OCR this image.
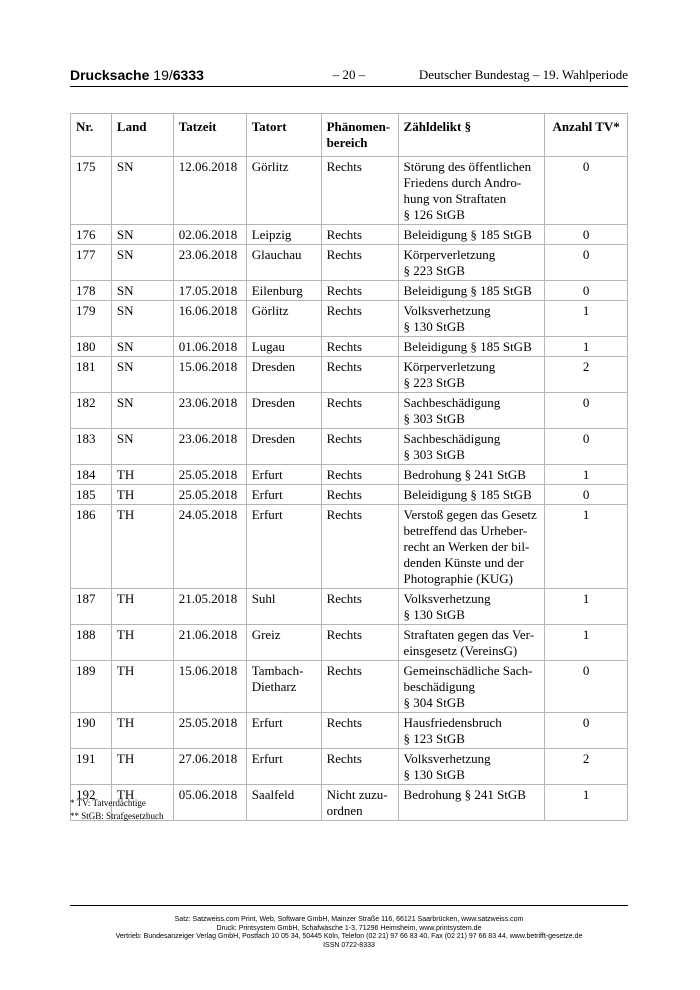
Drucksache 19/6333	– 20 –	Deutscher Bundestag – 19. Wahlperiode
Nr.	Land	Tatzeit	Tatort	Phänomen-
bereich	Zähldelikt §	Anzahl TV*
175	SN	12.06.2018	Görlitz	Rechts	Störung des öffentlichen
Friedens durch Andro-
hung von Straftaten
§ 126 StGB	0
176	SN	02.06.2018	Leipzig	Rechts	Beleidigung § 185 StGB	0
177	SN	23.06.2018	Glauchau	Rechts	Körperverletzung
§ 223 StGB	0
178	SN	17.05.2018	Eilenburg	Rechts	Beleidigung § 185 StGB	0
179	SN	16.06.2018	Görlitz	Rechts	Volksverhetzung
§ 130 StGB	1
180	SN	01.06.2018	Lugau	Rechts	Beleidigung § 185 StGB	1
181	SN	15.06.2018	Dresden	Rechts	Körperverletzung
§ 223 StGB	2
182	SN	23.06.2018	Dresden	Rechts	Sachbeschädigung
§ 303 StGB	0
183	SN	23.06.2018	Dresden	Rechts	Sachbeschädigung
§ 303 StGB	0
184	TH	25.05.2018	Erfurt	Rechts	Bedrohung § 241 StGB	1
185	TH	25.05.2018	Erfurt	Rechts	Beleidigung § 185 StGB	0
186	TH	24.05.2018	Erfurt	Rechts	Verstoß gegen das Gesetz
betreffend das Urheber-
recht an Werken der bil-
denden Künste und der
Photographie (KUG)	1
187	TH	21.05.2018	Suhl	Rechts	Volksverhetzung
§ 130 StGB	1
188	TH	21.06.2018	Greiz	Rechts	Straftaten gegen das Ver-
einsgesetz (VereinsG)	1
189	TH	15.06.2018	Tambach-
Dietharz	Rechts	Gemeinschädliche Sach-
beschädigung
§ 304 StGB	0
190	TH	25.05.2018	Erfurt	Rechts	Hausfriedensbruch
§ 123 StGB	0
191	TH	27.06.2018	Erfurt	Rechts	Volksverhetzung
§ 130 StGB	2
192	TH	05.06.2018	Saalfeld	Nicht zuzu-
ordnen	Bedrohung § 241 StGB	1
* TV: Tatverdächtige
** StGB: Strafgesetzbuch
Satz: Satzweiss.com Print, Web, Software GmbH, Mainzer Straße 116, 66121 Saarbrücken, www.satzweiss.com
Druck: Printsystem GmbH, Schafwäsche 1-3, 71296 Heimsheim, www.printsystem.de
Vertrieb: Bundesanzeiger Verlag GmbH, Postfach 10 05 34, 50445 Köln, Telefon (02 21) 97 66 83 40, Fax (02 21) 97 66 83 44, www.betrifft-gesetze.de
ISSN 0722-8333
